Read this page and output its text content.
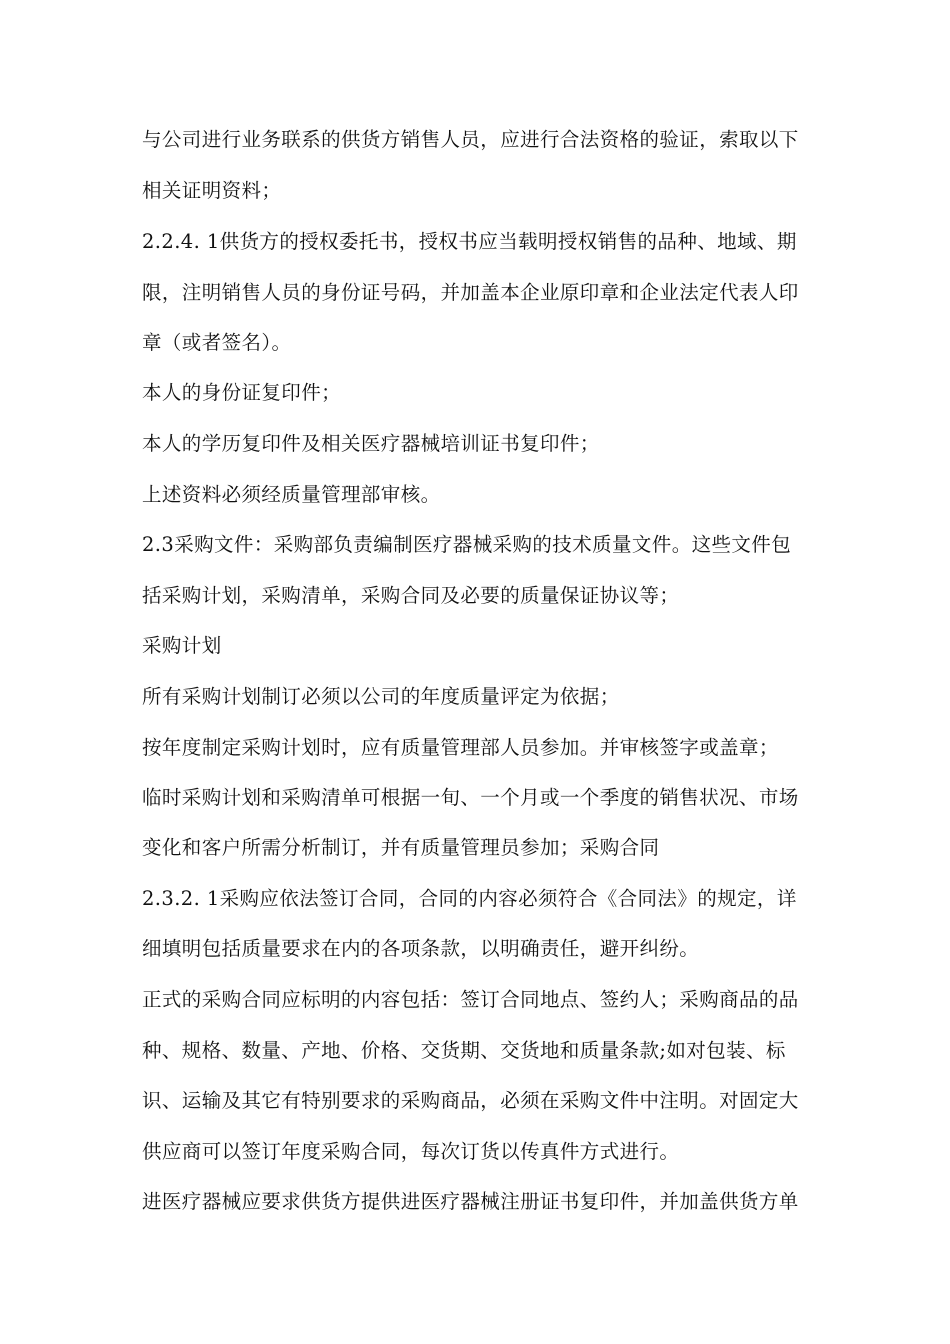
与公司进行业务联系的供货方销售人员，应进行合法资格的验证，索取以下

相关证明资料；

2.2.4. 1供货方的授权委托书，授权书应当载明授权销售的品种、地域、期

限，注明销售人员的身份证号码，并加盖本企业原印章和企业法定代表人印

章（或者签名）。

本人的身份证复印件；

本人的学历复印件及相关医疗器械培训证书复印件；

上述资料必须经质量管理部审核。

2.3采购文件：采购部负责编制医疗器械采购的技术质量文件。这些文件包

括采购计划，采购清单，采购合同及必要的质量保证协议等；

采购计划

所有采购计划制订必须以公司的年度质量评定为依据；

按年度制定采购计划时，应有质量管理部人员参加。并审核签字或盖章；

临时采购计划和采购清单可根据一旬、一个月或一个季度的销售状况、市场

变化和客户所需分析制订，并有质量管理员参加；采购合同

2.3.2. 1采购应依法签订合同，合同的内容必须符合《合同法》的规定，详

细填明包括质量要求在内的各项条款，以明确责任，避开纠纷。

正式的采购合同应标明的内容包括：签订合同地点、签约人；采购商品的品

种、规格、数量、产地、价格、交货期、交货地和质量条款;如对包装、标

识、运输及其它有特别要求的采购商品，必须在采购文件中注明。对固定大

供应商可以签订年度采购合同，每次订货以传真件方式进行。

进医疗器械应要求供货方提供进医疗器械注册证书复印件，并加盖供货方单
